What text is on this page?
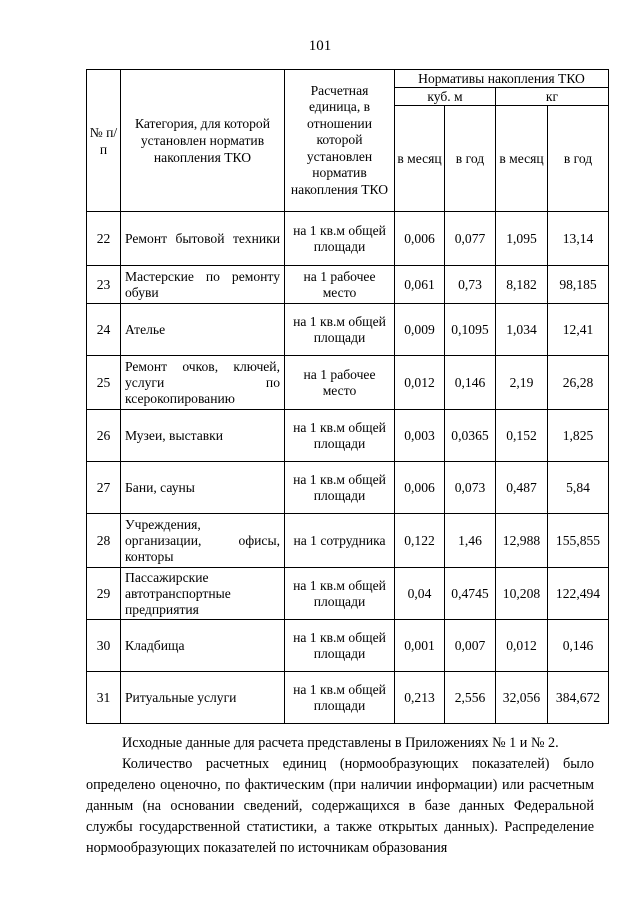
101
№ п/п	Категория, для которой установлен норматив накопления ТКО	Расчетная единица, в отношении которой установлен норматив накопления ТКО	Нормативы накопления ТКО			
			куб. м		кг	
			в месяц	в год	в месяц	в год
22	Ремонт бытовой техники	на 1 кв.м общей площади	0,006	0,077	1,095	13,14
23	Мастерские по ремонту обуви	на 1 рабочее место	0,061	0,73	8,182	98,185
24	Ателье	на 1 кв.м общей площади	0,009	0,1095	1,034	12,41
25	Ремонт очков, ключей, услуги по ксерокопированию	на 1 рабочее место	0,012	0,146	2,19	26,28
26	Музеи, выставки	на 1 кв.м общей площади	0,003	0,0365	0,152	1,825
27	Бани, сауны	на 1 кв.м общей площади	0,006	0,073	0,487	5,84
28	Учреждения, организации, офисы, конторы	на 1 сотрудника	0,122	1,46	12,988	155,855
29	Пассажирские автотранспортные предприятия	на 1 кв.м общей площади	0,04	0,4745	10,208	122,494
30	Кладбища	на 1 кв.м общей площади	0,001	0,007	0,012	0,146
31	Ритуальные услуги	на 1 кв.м общей площади	0,213	2,556	32,056	384,672

Исходные данные для расчета представлены в Приложениях № 1 и № 2.

Количество расчетных единиц (нормообразующих показателей) было определено оценочно, по фактическим (при наличии информации) или расчетным данным (на основании сведений, содержащихся в базе данных Федеральной службы государственной статистики, а также открытых данных). Распределение нормообразующих показателей по источникам образования
